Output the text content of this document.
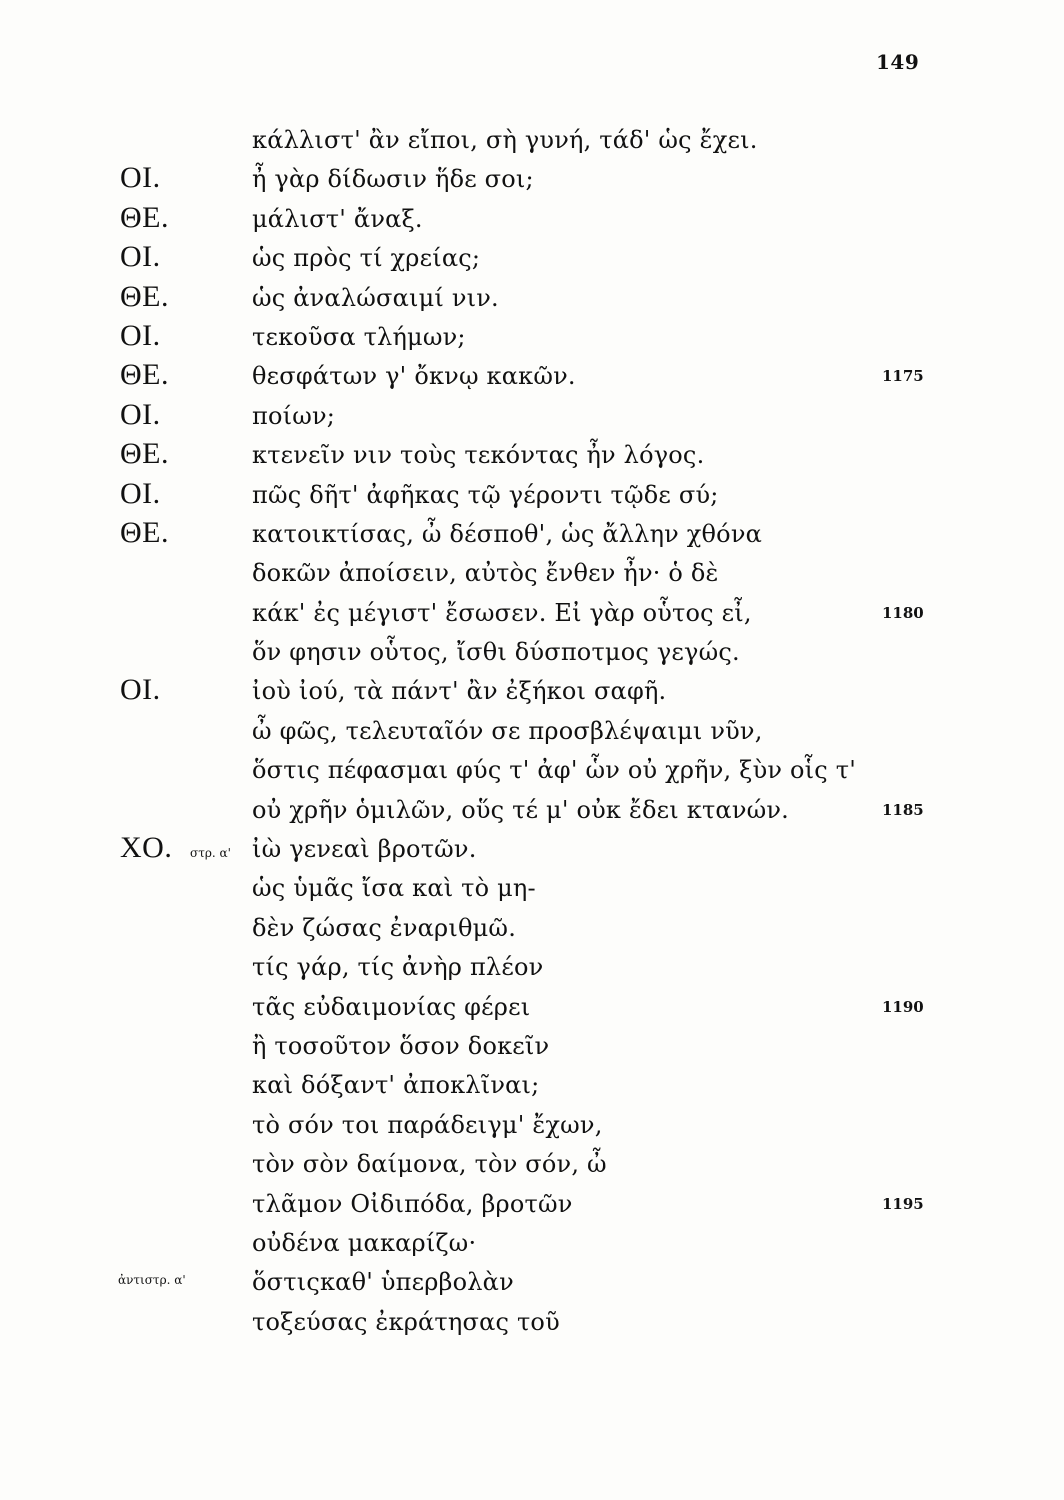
149
κάλλιστ' ἂν εἴποι, σὴ γυνή, τάδ' ὡς ἔχει.
ΟΙ.	ἦ γὰρ δίδωσιν ἥδε σοι;
ΘΕ.	μάλιστ' ἄναξ.
ΟΙ.	ὡς πρὸς τί χρείας;
ΘΕ.	ὡς ἀναλώσαιμί νιν.
ΟΙ.	τεκοῦσα τλήμων;
ΘΕ.	θεσφάτων γ' ὄκνῳ κακῶν.	1175
ΟΙ.	ποίων;
ΘΕ.	κτενεῖν νιν τοὺς τεκόντας ἦν λόγος.
ΟΙ.	πῶς δῆτ' ἀφῆκας τῷ γέροντι τῷδε σύ;
ΘΕ.	κατοικτίσας, ὦ δέσποθ', ὡς ἄλλην χθόνα
δοκῶν ἀποίσειν, αὐτὸς ἔνθεν ἦν· ὁ δὲ
κάκ' ἐς μέγιστ' ἔσωσεν. Εἰ γὰρ οὗτος εἶ,	1180
ὅν φησιν οὗτος, ἴσθι δύσποτμος γεγώς.
ΟΙ.	ἰοὺ ἰού, τὰ πάντ' ἂν ἐξήκοι σαφῆ.
ὦ φῶς, τελευταῖόν σε προσβλέψαιμι νῦν,
ὅστις πέφασμαι φύς τ' ἀφ' ὧν οὐ χρῆν, ξὺν οἷς τ'
οὐ χρῆν ὁμιλῶν, οὕς τέ μ' οὐκ ἔδει κτανών.	1185
ΧΟ. στρ. α' ἰὼ γενεαὶ βροτῶν.
ὡς ὑμᾶς ἴσα καὶ τὸ μη-
δὲν ζώσας ἐναριθμῶ.
τίς γάρ, τίς ἀνὴρ πλέον
τᾶς εὐδαιμονίας φέρει	1190
ἢ τοσοῦτον ὅσον δοκεῖν
καὶ δόξαντ' ἀποκλῖναι;
τὸ σόν τοι παράδειγμ' ἔχων,
τὸν σὸν δαίμονα, τὸν σόν, ὦ
τλᾶμον Οἰδιπόδα, βροτῶν	1195
οὐδένα μακαρίζω·
ἀντιστρ. α'	ὅστιςκαθ' ὑπερβολὰν
τοξεύσας ἐκράτησας τοῦ
